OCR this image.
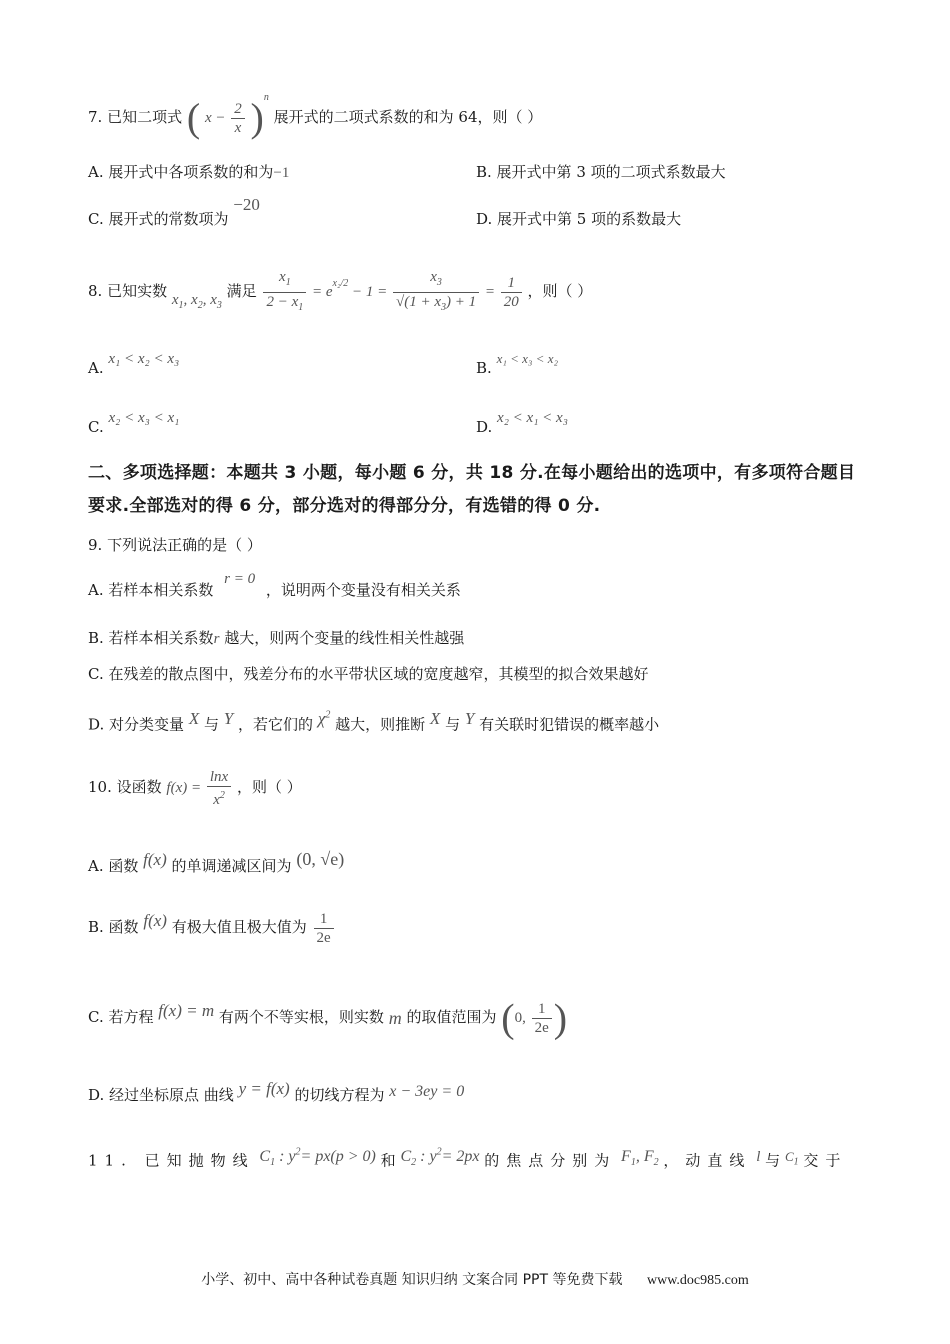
7. 已知二项式 ( $x - \frac{2}{x} )^n$ 展开式的二项式系数的和为 64，则（ ）
A. 展开式中各项系数的和为−1	B. 展开式中第 3 项的二项式系数最大
C. 展开式的常数项为 −20
D. 展开式中第 5 项的系数最大
8. 已知实数 $x_1$, $x_2$, $x_3$ 满足 $\frac{x_1}{2 - x_1} = e^{x_2/2} - 1 = \frac{x_3}{√(1 + x_3) + 1} = \frac{1}{20}$ ，则（ ）
A. x₁ < x₂ < x₃	B. x₁ < x₃ < x₂
C. x₂ < x₃ < x₁	D. x₂ < x₁ < x₃
二、多项选择题：本题共 3 小题，每小题 6 分，共 18 分.在每小题给出的选项中，有多项符合题目要求.全部选对的得 6 分，部分选对的得部分分，有选错的得 0 分.
9. 下列说法正确的是（ ）
A. 若样本相关系数 r = 0 ，说明两个变量没有相关关系
B. 若样本相关系数r 越大，则两个变量的线性相关性越强
C. 在残差的散点图中，残差分布的水平带状区域的宽度越窄，其模型的拟合效果越好
D. 对分类变量 X 与 Y ，若它们的 $\chi^2$ 越大，则推断 X 与 Y 有关联时犯错误的概率越小
10. 设函数 $f(x) = \frac{\ln x}{x^2}$ ，则（ ）
A. 函数 f(x) 的单调递减区间为 (0, √e)
B. 函数 f(x) 有极大值且极大值为 $\frac{1}{2e}$
C. 若方程 f(x) = m 有两个不等实根，则实数 m 的取值范围为 (0, $\frac{1}{2e}$ )
D. 经过坐标原点 曲线 y = f(x) 的切线方程为 x − 3ey = 0
11. 已知抛物线 $C_1$ : $y^2= px(p > 0)$ 和 $C_2$ : $y^2= 2px$ 的焦点分别为 $F_1$, $F_2$ ，动直线 l 与 $C_1$ 交于
小学、初中、高中各种试卷真题 知识归纳 文案合同 PPT 等免费下载 www.doc985.com
